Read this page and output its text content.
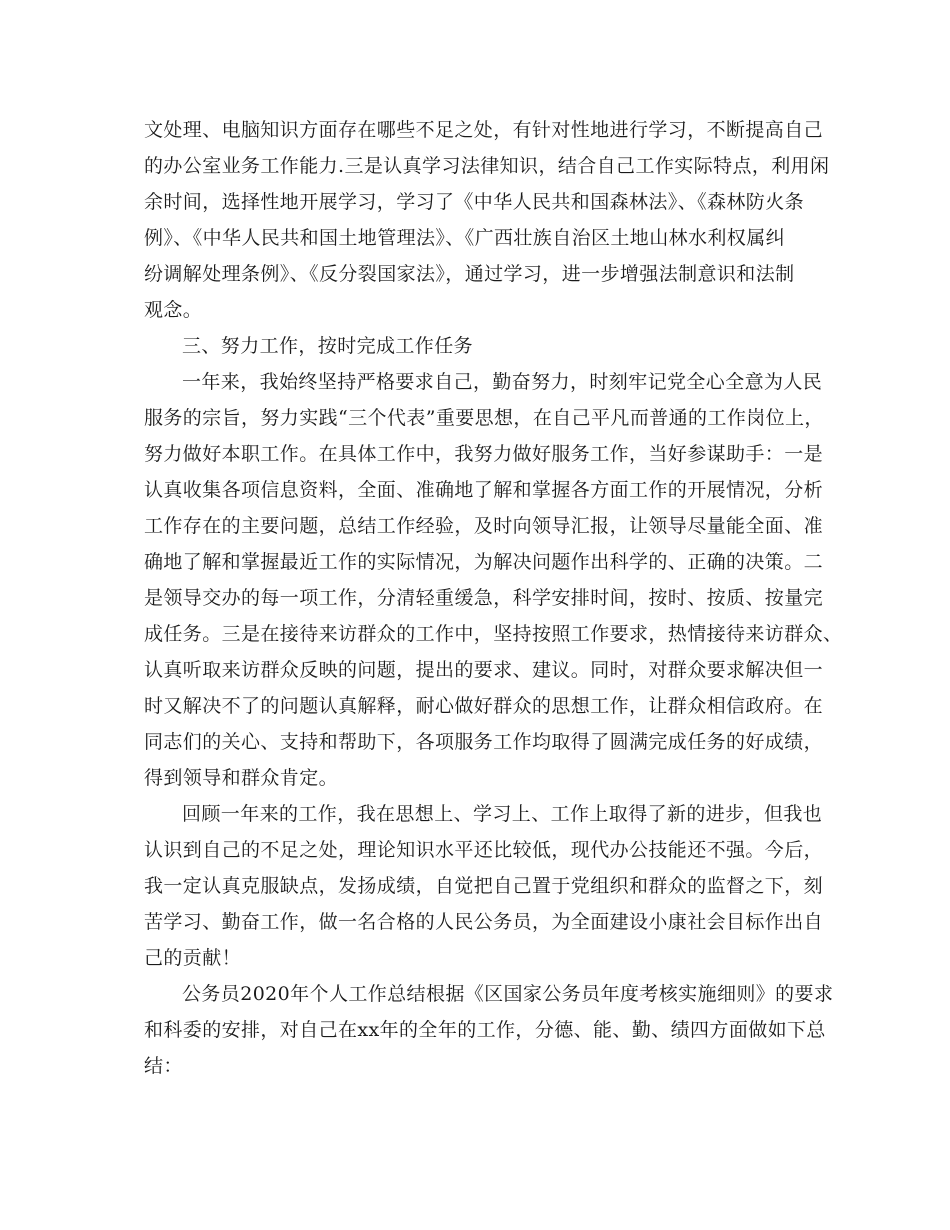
文处理、电脑知识方面存在哪些不足之处，有针对性地进行学习，不断提高自己
的办公室业务工作能力.三是认真学习法律知识，结合自己工作实际特点，利用闲
余时间，选择性地开展学习，学习了《中华人民共和国森林法》、《森林防火条
例》、《中华人民共和国土地管理法》、《广西壮族自治区土地山林水利权属纠
纷调解处理条例》、《反分裂国家法》，通过学习，进一步增强法制意识和法制
观念。
三、努力工作，按时完成工作任务
一年来，我始终坚持严格要求自己，勤奋努力，时刻牢记党全心全意为人民
服务的宗旨，努力实践“三个代表”重要思想，在自己平凡而普通的工作岗位上，
努力做好本职工作。在具体工作中，我努力做好服务工作，当好参谋助手：一是
认真收集各项信息资料，全面、准确地了解和掌握各方面工作的开展情况，分析
工作存在的主要问题，总结工作经验，及时向领导汇报，让领导尽量能全面、准
确地了解和掌握最近工作的实际情况，为解决问题作出科学的、正确的决策。二
是领导交办的每一项工作，分清轻重缓急，科学安排时间，按时、按质、按量完
成任务。三是在接待来访群众的工作中，坚持按照工作要求，热情接待来访群众、
认真听取来访群众反映的问题，提出的要求、建议。同时，对群众要求解决但一
时又解决不了的问题认真解释，耐心做好群众的思想工作，让群众相信政府。在
同志们的关心、支持和帮助下，各项服务工作均取得了圆满完成任务的好成绩，
得到领导和群众肯定。
回顾一年来的工作，我在思想上、学习上、工作上取得了新的进步，但我也
认识到自己的不足之处，理论知识水平还比较低，现代办公技能还不强。今后，
我一定认真克服缺点，发扬成绩，自觉把自己置于党组织和群众的监督之下，刻
苦学习、勤奋工作，做一名合格的人民公务员，为全面建设小康社会目标作出自
己的贡献！
公务员2020年个人工作总结根据《区国家公务员年度考核实施细则》的要求
和科委的安排，对自己在xx年的全年的工作，分德、能、勤、绩四方面做如下总
结：
